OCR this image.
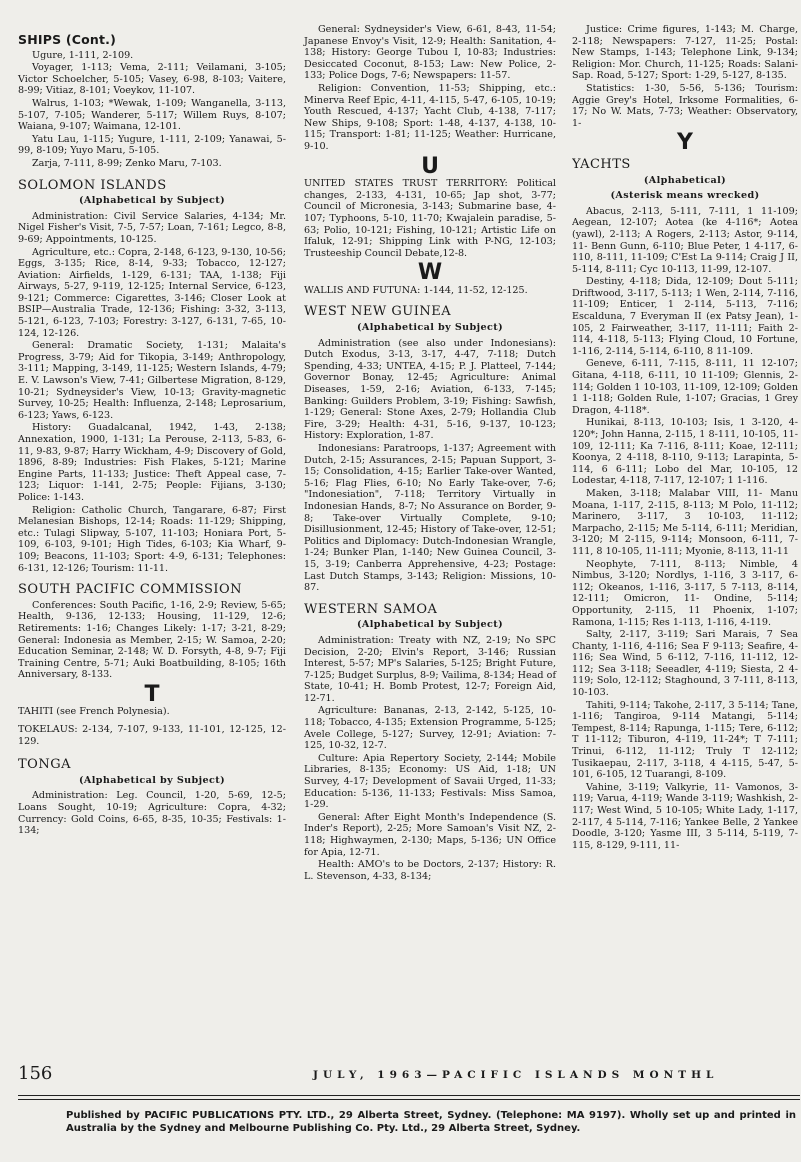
SHIPS (Cont.)

Ugure, 1-111, 2-109.

Voyager, 1-113; Vema, 2-111; Veilamani, 3-105; Victor Schoelcher, 5-105; Vasey, 6-98, 8-103; Vaitere, 8-99; Vitiaz, 8-101; Voeykov, 11-107.

Walrus, 1-103; *Wewak, 1-109; Wanganella, 3-113, 5-107, 7-105; Wanderer, 5-117; Willem Ruys, 8-107; Waiana, 9-107; Waimana, 12-101.

Yatu Lau, 1-115; Yugure, 1-111, 2-109; Yanawai, 5-99, 8-109; Yuyo Maru, 5-105.

Zarja, 7-111, 8-99; Zenko Maru, 7-103.

SOLOMON ISLANDS
(Alphabetical by Subject)

Administration: Civil Service Salaries, 4-134; Mr. Nigel Fisher's Visit, 7-5, 7-57; Loan, 7-161; Legco, 8-8, 9-69; Appointments, 10-125.

Agriculture, etc.: Copra, 2-148, 6-123, 9-130, 10-56; Eggs, 3-135; Rice, 8-14, 9-33; Tobacco, 12-127; Aviation: Airfields, 1-129, 6-131; TAA, 1-138; Fiji Airways, 5-27, 9-119, 12-125; Internal Service, 6-123, 9-121; Commerce: Cigarettes, 3-146; Closer Look at BSIP—Australia Trade, 12-136; Fishing: 3-32, 3-113, 5-121, 6-123, 7-103; Forestry: 3-127, 6-131, 7-65, 10-124, 12-126.

General: Dramatic Society, 1-131; Malaita's Progress, 3-79; Aid for Tikopia, 3-149; Anthropology, 3-111; Mapping, 3-149, 11-125; Western Islands, 4-79; E. V. Lawson's View, 7-41; Gilbertese Migration, 8-129, 10-21; Sydneysider's View, 10-13; Gravity-magnetic Survey, 10-25; Health: Influenza, 2-148; Leprosarium, 6-123; Yaws, 6-123.

History: Guadalcanal, 1942, 1-43, 2-138; Annexation, 1900, 1-131; La Perouse, 2-113, 5-83, 6-11, 9-83, 9-87; Harry Wickham, 4-9; Discovery of Gold, 1896, 8-89; Industries: Fish Flakes, 5-121; Marine Engine Parts, 11-133; Justice: Theft Appeal case, 7-123; Liquor: 1-141, 2-75; People: Fijians, 3-130; Police: 1-143.

Religion: Catholic Church, Tangarare, 6-87; First Melanesian Bishops, 12-14; Roads: 11-129; Shipping, etc.: Tulagi Slipway, 5-107, 11-103; Honiara Port, 5-109, 6-103, 9-101; High Tides, 6-103; Kia Wharf, 9-109; Beacons, 11-103; Sport: 4-9, 6-131; Telephones: 6-131, 12-126; Tourism: 11-11.

SOUTH PACIFIC COMMISSION

Conferences: South Pacific, 1-16, 2-9; Review, 5-65; Health, 9-136, 12-133; Housing, 11-129, 12-6; Retirements: 1-16; Changes Likely: 1-17; 3-21, 8-29; General: Indonesia as Member, 2-15; W. Samoa, 2-20; Education Seminar, 2-148; W. D. Forsyth, 4-8, 9-7; Fiji Training Centre, 5-71; Auki Boatbuilding, 8-105; 16th Anniversary, 8-133.

T

TAHITI (see French Polynesia).

TOKELAUS: 2-134, 7-107, 9-133, 11-101, 12-125, 12-129.

TONGA
(Alphabetical by Subject)

Administration: Leg. Council, 1-20, 5-69, 12-5; Loans Sought, 10-19; Agriculture: Copra, 4-32; Currency: Gold Coins, 6-65, 8-35, 10-35; Festivals: 1-134;

General: Sydneysider's View, 6-61, 8-43, 11-54; Japanese Envoy's Visit, 12-9; Health: Sanitation, 4-138; History: George Tubou I, 10-83; Industries: Desiccated Coconut, 8-153; Law: New Police, 2-133; Police Dogs, 7-6; Newspapers: 11-57.

Religion: Convention, 11-53; Shipping, etc.: Minerva Reef Epic, 4-11, 4-115, 5-47, 6-105, 10-19; Youth Rescued, 4-137; Yacht Club, 4-138, 7-117; New Ships, 9-108; Sport: 1-48, 4-137, 4-138, 10-115; Transport: 1-81; 11-125; Weather: Hurricane, 9-10.

U

UNITED STATES TRUST TERRITORY: Political changes, 2-133, 4-131, 10-65; Jap shot, 3-77; Council of Micronesia, 3-143; Submarine base, 4-107; Typhoons, 5-10, 11-70; Kwajalein paradise, 5-63; Polio, 10-121; Fishing, 10-121; Artistic Life on Ifaluk, 12-91; Shipping Link with P-NG, 12-103; Trusteeship Council Debate,12-8.

W

WALLIS AND FUTUNA: 1-144, 11-52, 12-125.

WEST NEW GUINEA
(Alphabetical by Subject)

Administration (see also under Indonesians): Dutch Exodus, 3-13, 3-17, 4-47, 7-118; Dutch Spending, 4-33; UNTEA, 4-15; P. J. Platteel, 7-144; Governor Bonay, 12-45; Agriculture: Animal Diseases, 1-59, 2-16; Aviation, 6-133, 7-145; Banking: Guilders Problem, 3-19; Fishing: Sawfish, 1-129; General: Stone Axes, 2-79; Hollandia Club Fire, 3-29; Health: 4-31, 5-16, 9-137, 10-123; History: Exploration, 1-87.

Indonesians: Paratroops, 1-137; Agreement with Dutch, 2-15; Assurances, 2-15; Papuan Support, 3-15; Consolidation, 4-15; Earlier Take-over Wanted, 5-16; Flag Flies, 6-10; No Early Take-over, 7-6; "Indonesiation", 7-118; Territory Virtually in Indonesian Hands, 8-7; No Assurance on Border, 9-8; Take-over Virtually Complete, 9-10; Disillusionment, 12-45; History of Take-over, 12-51; Politics and Diplomacy: Dutch-Indonesian Wrangle, 1-24; Bunker Plan, 1-140; New Guinea Council, 3-15, 3-19; Canberra Apprehensive, 4-23; Postage: Last Dutch Stamps, 3-143; Religion: Missions, 10-87.

WESTERN SAMOA
(Alphabetical by Subject)

Administration: Treaty with NZ, 2-19; No SPC Decision, 2-20; Elvin's Report, 3-146; Russian Interest, 5-57; MP's Salaries, 5-125; Bright Future, 7-125; Budget Surplus, 8-9; Vailima, 8-134; Head of State, 10-41; H. Bomb Protest, 12-7; Foreign Aid, 12-71.

Agriculture: Bananas, 2-13, 2-142, 5-125, 10-118; Tobacco, 4-135; Extension Programme, 5-125; Avele College, 5-127; Survey, 12-91; Aviation: 7-125, 10-32, 12-7.

Culture: Apia Repertory Society, 2-144; Mobile Libraries, 8-135; Economy: US Aid, 1-18; UN Survey, 4-17; Development of Savaii Urged, 11-33; Education: 5-136, 11-133; Festivals: Miss Samoa, 1-29.

General: After Eight Month's Independence (S. Inder's Report), 2-25; More Samoan's Visit NZ, 2-118; Highwaymen, 2-130; Maps, 5-136; UN Office for Apia, 12-71.

Health: AMO's to be Doctors, 2-137; History: R. L. Stevenson, 4-33, 8-134;

Justice: Crime figures, 1-143; M. Charge, 2-118; Newspapers: 7-127, 11-25; Postal: New Stamps, 1-143; Telephone Link, 9-134; Religion: Mor. Church, 11-125; Roads: Salani-Sap. Road, 5-127; Sport: 1-29, 5-127, 8-135.

Statistics: 1-30, 5-56, 5-136; Tourism: Aggie Grey's Hotel, Irksome Formalities, 6-17; No W. Mats, 7-73; Weather: Observatory, 1-

Y
YACHTS
(Alphabetical)
(Asterisk means wrecked)

Abacus, 2-113, 5-111, 7-111, 1 11-109; Aegean, 12-107; Aotea (ke 4-116*; Aotea (yawl), 2-113; A Rogers, 2-113; Astor, 9-114, 11- Benn Gunn, 6-110; Blue Peter, 1 4-117, 6-110, 8-111, 11-109; C'Est La 9-114; Craig J II, 5-114, 8-111; Cyc 10-113, 11-99, 12-107.

Destiny, 4-118; Dida, 12-109; Dout 5-111; Driftwood, 3-117, 5-113; 1 Wen, 2-114, 7-116, 11-109; Enticer, 1 2-114, 5-113, 7-116; Escalduna, 7 Everyman II (ex Patsy Jean), 1-105, 2 Fairweather, 3-117, 11-111; Faith 2-114, 4-118, 5-113; Flying Cloud, 10 Fortune, 1-116, 2-114, 5-114, 6-110, 8 11-109.

Geneve, 6-111, 7-115, 8-111, 11 12-107; Gitana, 4-118, 6-111, 10 11-109; Glennis, 2-114; Golden 1 10-103, 11-109, 12-109; Golden 1 1-118; Golden Rule, 1-107; Gracias, 1 Grey Dragon, 4-118*.

Hunikai, 8-113, 10-103; Isis, 1 3-120, 4-120*; John Hanna, 2-115, 1 8-111, 10-105, 11-109, 12-111; Ka 7-116, 8-111; Koae, 12-111; Koonya, 2 4-118, 8-110, 9-113; Larapinta, 5-114, 6 6-111; Lobo del Mar, 10-105, 12 Lodestar, 4-118, 7-117, 12-107; 1 1-116.

Maken, 3-118; Malabar VIII, 11- Manu Moana, 1-117, 2-115, 8-113; M Polo, 11-112; Marinero, 3-117, 3 10-103, 11-112; Marpacho, 2-115; Me 5-114, 6-111; Meridian, 3-120; M 2-115, 9-114; Monsoon, 6-111, 7-111, 8 10-105, 11-111; Myonie, 8-113, 11-11

Neophyte, 7-111, 8-113; Nimble, 4 Nimbus, 3-120; Nordlys, 1-116, 3 3-117, 6-112; Okeanos, 1-116, 3-117, 5 7-113, 8-114, 12-111; Omicron, 11- Ondine, 5-114; Opportunity, 2-115, 11 Phoenix, 1-107; Ramona, 1-115; Res 1-113, 1-116, 4-119.

Salty, 2-117, 3-119; Sari Marais, 7 Sea Chanty, 1-116, 4-116; Sea F 9-113; Seafire, 4-116; Sea Wind, 5 6-112, 7-116, 11-112, 12-112; Sea 3-118; Seeadler, 4-119; Siesta, 2 4-119; Solo, 12-112; Staghound, 3 7-111, 8-113, 10-103.

Tahiti, 9-114; Takohe, 2-117, 3 5-114; Tane, 1-116; Tangiroa, 9-114 Matangi, 5-114; Tempest, 8-114; Rapunga, 1-115; Tere, 6-112; T 11-112; Tiburon, 4-119, 11-24*; T 7-111; Trinui, 6-112, 11-112; Truly T 12-112; Tusikaepau, 2-117, 3-118, 4 4-115, 5-47, 5-101, 6-105, 12 Tuarangi, 8-109.

Vahine, 3-119; Valkyrie, 11- Vamonos, 3-119; Varua, 4-119; Wande 3-119; Washkish, 2-117; West Wind, 5 10-105; White Lady, 1-117, 2-117, 4 5-114, 7-116; Yankee Belle, 2 Yankee Doodle, 3-120; Yasme III, 3 5-114, 5-119, 7-115, 8-129, 9-111, 11-

156	JULY, 1963—PACIFIC ISLANDS MONTHL
Published by PACIFIC PUBLICATIONS PTY. LTD., 29 Alberta Street, Sydney. (Telephone: MA 9197). Wholly set up and printed in Australia by the Sydney and Melbourne Publishing Co. Pty. Ltd., 29 Alberta Street, Sydney.
